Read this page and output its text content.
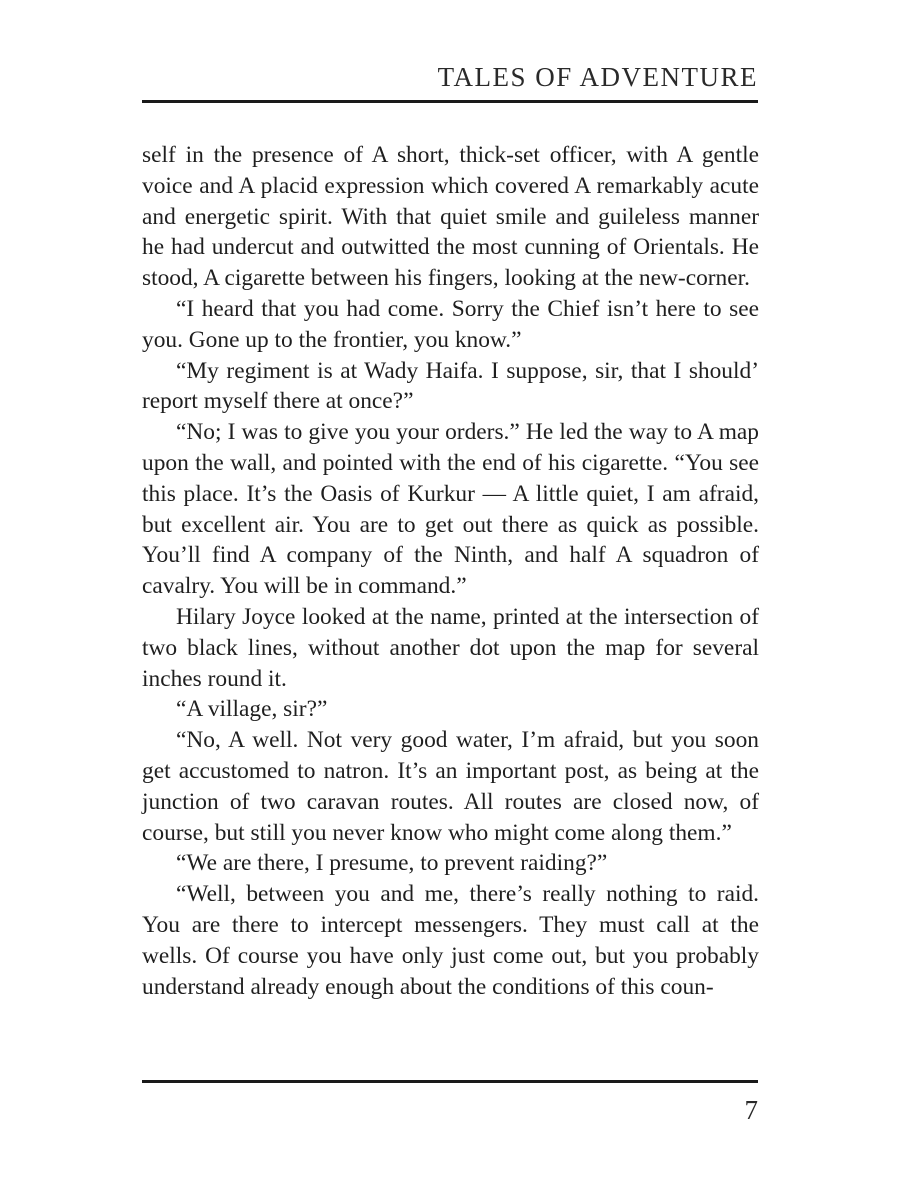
TALES OF ADVENTURE

self in the presence of A short, thick-set officer, with A gentle voice and A placid expression which covered A remarkably acute and energetic spirit. With that quiet smile and guileless manner he had undercut and outwitted the most cunning of Orientals. He stood, A cigarette between his fingers, looking at the new-corner.

“I heard that you had come. Sorry the Chief isn’t here to see you. Gone up to the frontier, you know.”

“My regiment is at Wady Haifa. I suppose, sir, that I should’ report myself there at once?”

“No; I was to give you your orders.” He led the way to A map upon the wall, and pointed with the end of his cigarette. “You see this place. It’s the Oasis of Kurkur — A little quiet, I am afraid, but excellent air. You are to get out there as quick as possible. You’ll find A company of the Ninth, and half A squadron of cavalry. You will be in command.”

Hilary Joyce looked at the name, printed at the intersection of two black lines, without another dot upon the map for several inches round it.

“A village, sir?”

“No, A well. Not very good water, I’m afraid, but you soon get accustomed to natron. It’s an important post, as being at the junction of two caravan routes. All routes are closed now, of course, but still you never know who might come along them.”

“We are there, I presume, to prevent raiding?”

“Well, between you and me, there’s really nothing to raid. You are there to intercept messengers. They must call at the wells. Of course you have only just come out, but you probably understand already enough about the conditions of this coun-

7
